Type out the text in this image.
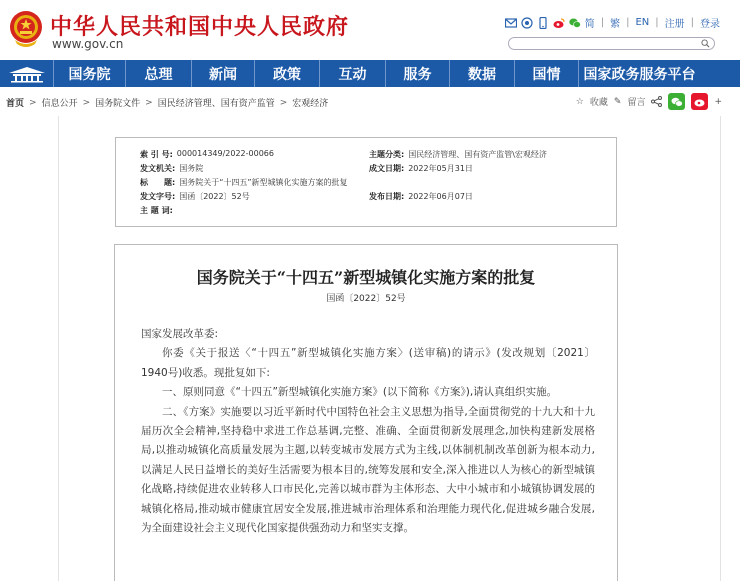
中华人民共和国中央人民政府
www.gov.cn
简 | 繁 | EN | 注册 | 登录
国务院	总理	新闻	政策	互动	服务	数据	国情	国家政务服务平台
首页 > 信息公开 > 国务院文件 > 国民经济管理、国有资产监管 > 宏观经济	☆ 收藏 ✎ 留言	+
索 引 号: 000014349/2022-00066	主题分类: 国民经济管理、国有资产监管\宏观经济
发文机关: 国务院	成文日期: 2022年05月31日
标　　题: 国务院关于“十四五”新型城镇化实施方案的批复
发文字号: 国函〔2022〕52号	发布日期: 2022年06月07日
主 题 词:
国务院关于“十四五”新型城镇化实施方案的批复
国函〔2022〕52号

国家发展改革委:

你委《关于报送〈“十四五”新型城镇化实施方案〉(送审稿)的请示》(发改规划〔2021〕1940号)收悉。现批复如下:

一、原则同意《“十四五”新型城镇化实施方案》(以下简称《方案》),请认真组织实施。

二、《方案》实施要以习近平新时代中国特色社会主义思想为指导,全面贯彻党的十九大和十九届历次全会精神,坚持稳中求进工作总基调,完整、准确、全面贯彻新发展理念,加快构建新发展格局,以推动城镇化高质量发展为主题,以转变城市发展方式为主线,以体制机制改革创新为根本动力,以满足人民日益增长的美好生活需要为根本目的,统筹发展和安全,深入推进以人为核心的新型城镇化战略,持续促进农业转移人口市民化,完善以城市群为主体形态、大中小城市和小城镇协调发展的城镇化格局,推动城市健康宜居安全发展,推进城市治理体系和治理能力现代化,促进城乡融合发展,为全面建设社会主义现代化国家提供强劲动力和坚实支撑。
